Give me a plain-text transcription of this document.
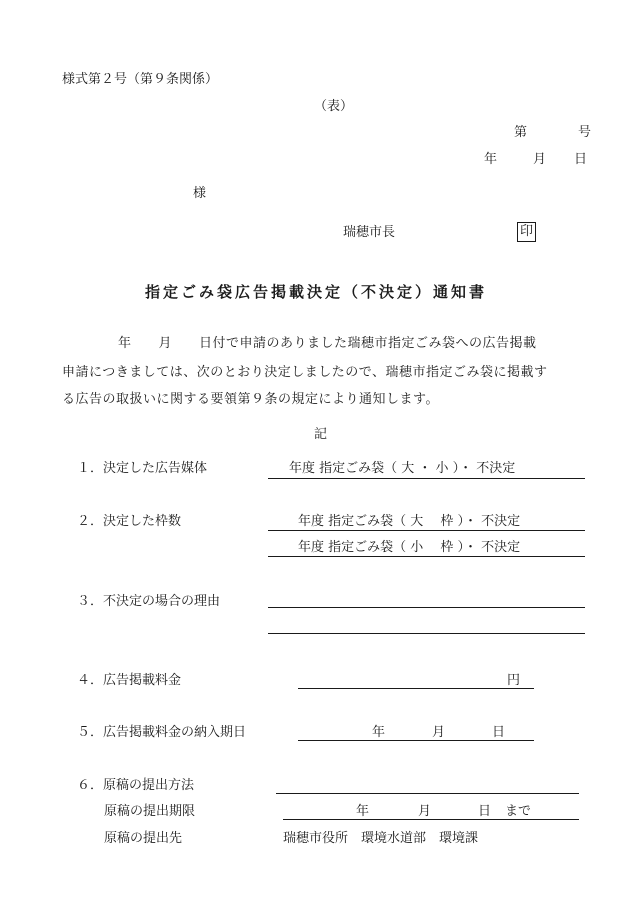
様式第２号（第９条関係）
（表）
第	号
年	月 日
様
瑞穂市長	印
指定ごみ袋広告掲載決定（不決定）通知書
年　　月　　日付で申請のありました瑞穂市指定ごみ袋への広告掲載
申請につきましては、次のとおり決定しましたので、瑞穂市指定ごみ袋に掲載す
る広告の取扱いに関する要領第９条の規定により通知します。
記
１．決定した広告媒体	年度 指定ごみ袋（ 大 ・ 小 ）・ 不決定
２．決定した枠数	年度 指定ごみ袋（ 大　 枠 ）・ 不決定
年度 指定ごみ袋（ 小　 枠 ）・ 不決定
３．不決定の場合の理由
４．広告掲載料金	円
５．広告掲載料金の納入期日	年	月	日
６．原稿の提出方法
原稿の提出期限	年	月	日 まで
原稿の提出先	瑞穂市役所　環境水道部　環境課
